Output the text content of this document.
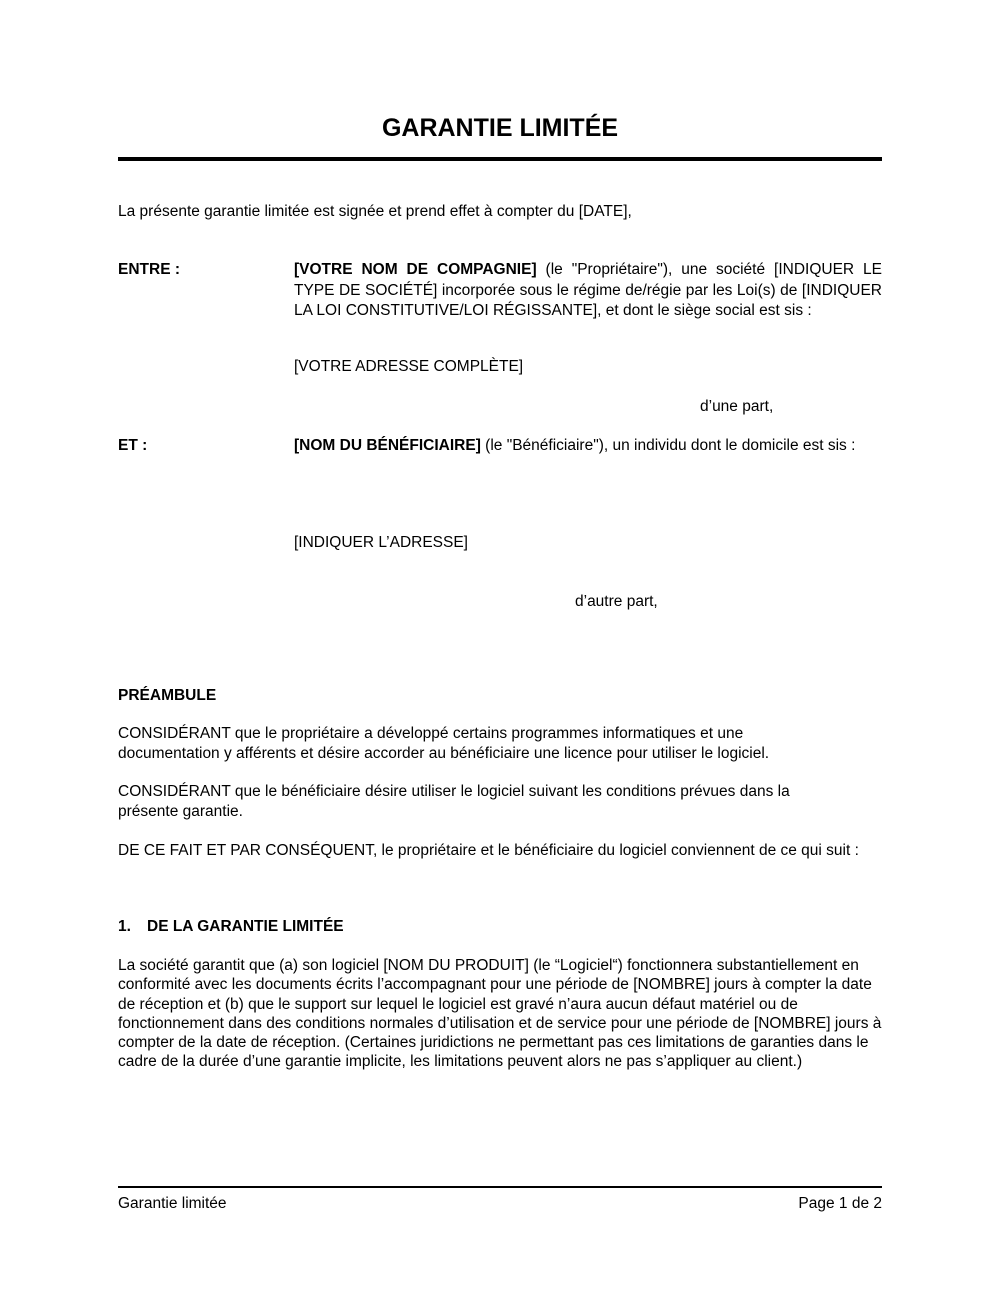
GARANTIE LIMITÉE
La présente garantie limitée est signée et prend effet à compter du [DATE],
ENTRE :	[VOTRE NOM DE COMPAGNIE] (le "Propriétaire"), une société [INDIQUER LE TYPE DE SOCIÉTÉ] incorporée sous le régime de/régie par les Loi(s) de [INDIQUER LA LOI CONSTITUTIVE/LOI RÉGISSANTE], et dont le siège social est sis :
[VOTRE ADRESSE COMPLÈTE]
d’une part,
ET :	[NOM DU BÉNÉFICIAIRE] (le "Bénéficiaire"), un individu dont le domicile est sis :
[INDIQUER L’ADRESSE]
d’autre part,
PRÉAMBULE
CONSIDÉRANT que le propriétaire a développé certains programmes informatiques et une documentation y afférents et désire accorder au bénéficiaire une licence pour utiliser le logiciel.
CONSIDÉRANT que le bénéficiaire désire utiliser le logiciel suivant les conditions prévues dans la présente garantie.
DE CE FAIT ET PAR CONSÉQUENT, le propriétaire et le bénéficiaire du logiciel conviennent de ce qui suit :
1. DE LA GARANTIE LIMITÉE
La société garantit que (a) son logiciel [NOM DU PRODUIT] (le “Logiciel“) fonctionnera substantiellement en conformité avec les documents écrits l’accompagnant pour une période de [NOMBRE] jours à compter la date de réception et (b) que le support sur lequel le logiciel est gravé n’aura aucun défaut matériel ou de fonctionnement dans des conditions normales d’utilisation et de service pour une période de [NOMBRE] jours à compter de la date de réception. (Certaines juridictions ne permettant pas ces limitations de garanties dans le cadre de la durée d’une garantie implicite, les limitations peuvent alors ne pas s’appliquer au client.)
Garantie limitée	Page 1 de 2
